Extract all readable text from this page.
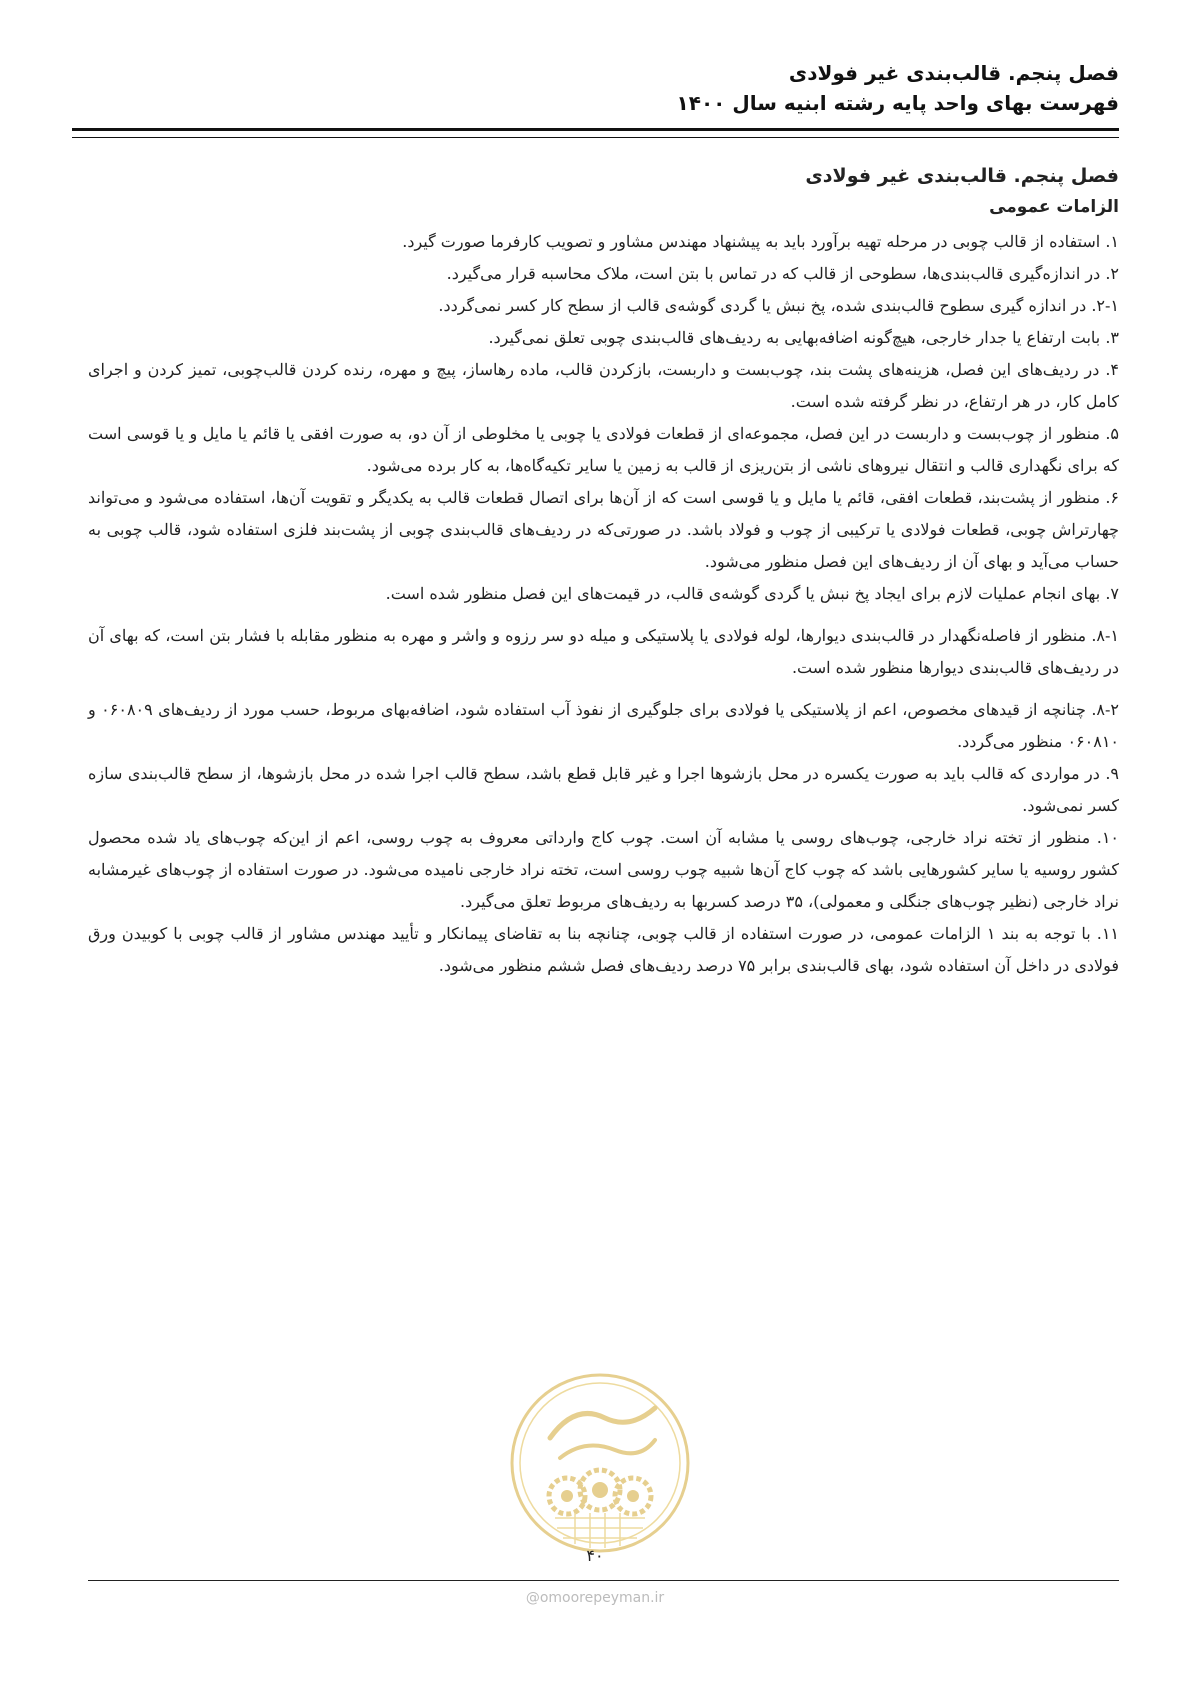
فصل پنجم. قالب‌بندی غیر فولادی
فهرست بهای واحد پایه رشته ابنیه سال ۱۴۰۰
فصل پنجم. قالب‌بندی غیر فولادی
الزامات عمومی

۱. استفاده از قالب چوبی در مرحله تهیه برآورد باید به پیشنهاد مهندس مشاور و تصویب کارفرما صورت گیرد.

۲. در اندازه‌گیری قالب‌بندی‌ها، سطوحی از قالب که در تماس با بتن است، ملاک محاسبه قرار می‌گیرد.

۲-۱. در اندازه گیری سطوح قالب‌بندی شده، پخ نبش یا گردی گوشه‌ی قالب از سطح کار کسر نمی‌گردد.

۳. بابت ارتفاع یا جدار خارجی، هیچ‌گونه اضافه‌بهایی به ردیف‌های قالب‌بندی چوبی تعلق نمی‌گیرد.

۴. در ردیف‌های این فصل، هزینه‌های پشت بند، چوب‌بست و داربست، بازکردن قالب، ماده رهاساز، پیچ و مهره، رنده کردن قالب‌چوبی، تمیز کردن و اجرای کامل کار، در هر ارتفاع، در نظر گرفته شده است.

۵. منظور از چوب‌بست و داربست در این فصل، مجموعه‌ای از قطعات فولادی یا چوبی یا مخلوطی از آن دو، به صورت افقی یا قائم یا مایل و یا قوسی است که برای نگهداری قالب و انتقال نیروهای ناشی از بتن‌ریزی از قالب به زمین یا سایر تکیه‌گاه‌ها، به کار برده می‌شود.

۶. منظور از پشت‌بند، قطعات افقی، قائم یا مایل و یا قوسی است که از آن‌ها برای اتصال قطعات قالب به یکدیگر و تقویت آن‌ها، استفاده می‌شود و می‌تواند چهارتراش چوبی، قطعات فولادی یا ترکیبی از چوب و فولاد باشد. در صورتی‌که در ردیف‌های قالب‌بندی چوبی از پشت‌بند فلزی استفاده شود، قالب چوبی به حساب می‌آید و بهای آن از ردیف‌های این فصل منظور می‌شود.

۷. بهای انجام عملیات لازم برای ایجاد پخ نبش یا گردی گوشه‌ی قالب، در قیمت‌های این فصل منظور شده است.

۸-۱. منظور از فاصله‌نگهدار در قالب‌بندی دیوارها، لوله فولادی یا پلاستیکی و میله دو سر رزوه و واشر و مهره به منظور مقابله با فشار بتن است، که بهای آن در ردیف‌های قالب‌بندی دیوارها منظور شده است.

۸-۲. چنانچه از قیدهای مخصوص، اعم از پلاستیکی یا فولادی برای جلوگیری از نفوذ آب استفاده شود، اضافه‌بهای مربوط، حسب مورد از ردیف‌های ۰۶۰۸۰۹ و ۰۶۰۸۱۰ منظور می‌گردد.

۹. در مواردی که قالب باید به صورت یکسره در محل بازشوها اجرا و غیر قابل قطع باشد، سطح قالب اجرا شده در محل بازشوها، از سطح قالب‌بندی سازه کسر نمی‌شود.

۱۰. منظور از تخته نراد خارجی، چوب‌های روسی یا مشابه آن است. چوب کاج وارداتی معروف به چوب روسی، اعم از این‌که چوب‌های یاد شده محصول کشور روسیه یا سایر کشورهایی باشد که چوب کاج آن‌ها شبیه چوب روسی است، تخته نراد خارجی نامیده می‌شود. در صورت استفاده از چوب‌های غیرمشابه نراد خارجی (نظیر چوب‌های جنگلی و معمولی)، ۳۵ درصد کسربها به ردیف‌های مربوط تعلق می‌گیرد.

۱۱. با توجه به بند ۱ الزامات عمومی، در صورت استفاده از قالب چوبی، چنانچه بنا به تقاضای پیمانکار و تأیید مهندس مشاور از قالب چوبی با کوبیدن ورق فولادی در داخل آن استفاده شود، بهای قالب‌بندی برابر ۷۵ درصد ردیف‌های فصل ششم منظور می‌شود.

۴۰
@omoorepeyman.ir
